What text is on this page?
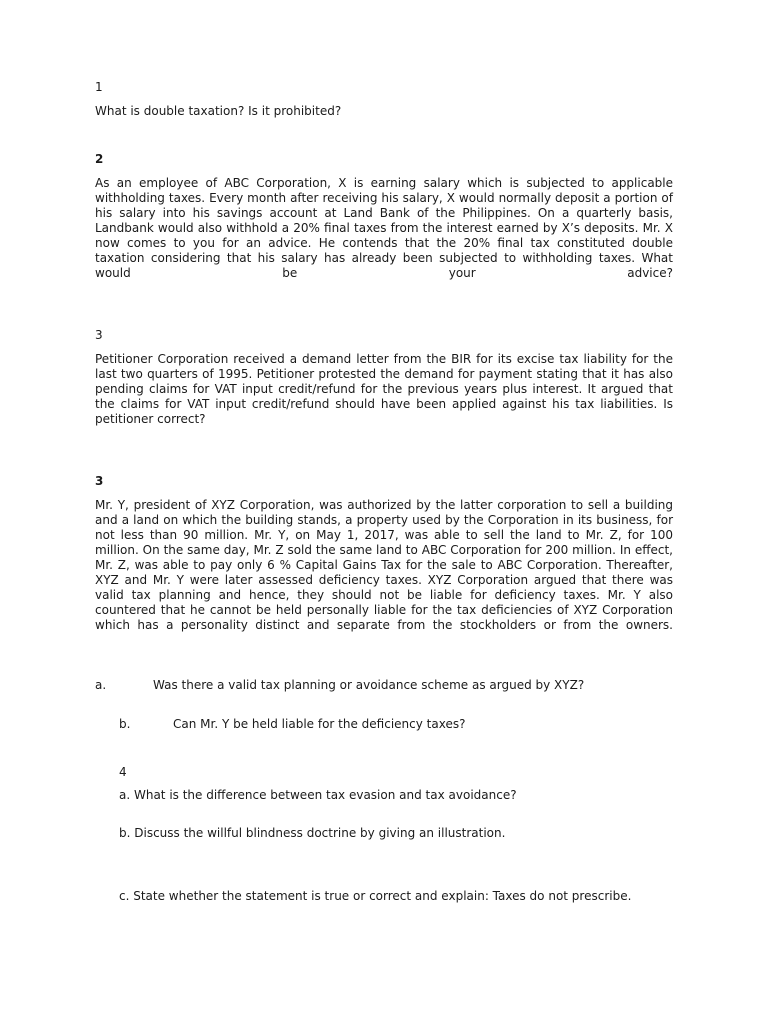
1

What is double taxation? Is it prohibited?

2

As an employee of ABC Corporation, X is earning salary which is subjected to applicable withholding taxes. Every month after receiving his salary, X would normally deposit a portion of his salary into his savings account at Land Bank of the Philippines. On a quarterly basis, Landbank would also withhold a 20% final taxes from the interest earned by X’s deposits. Mr. X now comes to you for an advice. He contends that the 20% final tax constituted double taxation considering that his salary has already been subjected to withholding taxes. What would be your advice?

3

Petitioner Corporation received a demand letter from the BIR for its excise tax liability for the last two quarters of 1995. Petitioner protested the demand for payment stating that it has also pending claims for VAT input credit/refund for the previous years plus interest. It argued that the claims for VAT input credit/refund should have been applied against his tax liabilities. Is petitioner correct?

3

Mr. Y, president of XYZ Corporation, was authorized by the latter corporation to sell a building and a land on which the building stands, a property used by the Corporation in its business, for not less than 90 million. Mr. Y, on May 1, 2017, was able to sell the land to Mr. Z, for 100 million. On the same day, Mr. Z sold the same land to ABC Corporation for 200 million. In effect, Mr. Z, was able to pay only 6 % Capital Gains Tax for the sale to ABC Corporation. Thereafter, XYZ and Mr. Y were later assessed deficiency taxes. XYZ Corporation argued that there was valid tax planning and hence, they should not be liable for deficiency taxes. Mr. Y also countered that he cannot be held personally liable for the tax deficiencies of XYZ Corporation which has a personality distinct and separate from the stockholders or from the owners.

a.	Was there a valid tax planning or avoidance scheme as argued by XYZ?

b.	Can Mr. Y be held liable for the deficiency taxes?

4

a. What is the difference between tax evasion and tax avoidance?

b. Discuss the willful blindness doctrine by giving an illustration.

c. State whether the statement is true or correct and explain: Taxes do not prescribe.
